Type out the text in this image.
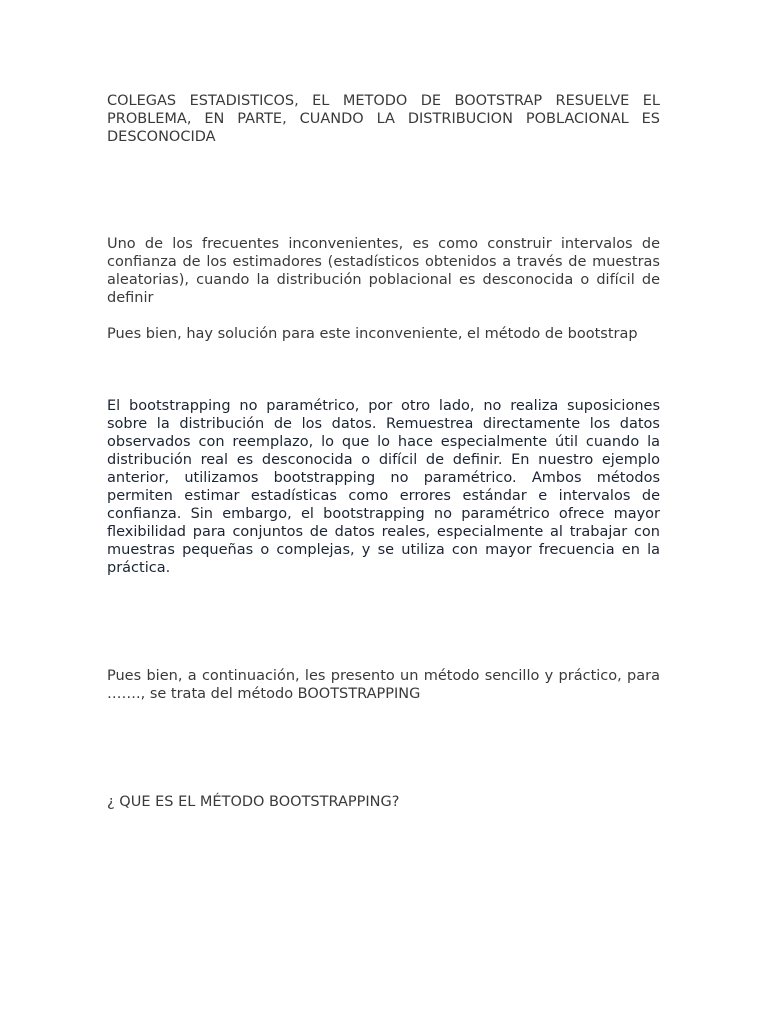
COLEGAS ESTADISTICOS, EL METODO DE BOOTSTRAP RESUELVE EL PROBLEMA, EN PARTE, CUANDO LA DISTRIBUCION POBLACIONAL ES DESCONOCIDA

Uno de los frecuentes inconvenientes, es como construir intervalos de confianza de los estimadores (estadísticos obtenidos a través de muestras aleatorias), cuando la distribución poblacional es desconocida o difícil de definir

Pues bien, hay solución para este inconveniente, el método de bootstrap

El bootstrapping no paramétrico, por otro lado, no realiza suposiciones sobre la distribución de los datos. Remuestrea directamente los datos observados con reemplazo, lo que lo hace especialmente útil cuando la distribución real es desconocida o difícil de definir. En nuestro ejemplo anterior, utilizamos bootstrapping no paramétrico. Ambos métodos permiten estimar estadísticas como errores estándar e intervalos de confianza. Sin embargo, el bootstrapping no paramétrico ofrece mayor flexibilidad para conjuntos de datos reales, especialmente al trabajar con muestras pequeñas o complejas, y se utiliza con mayor frecuencia en la práctica.

Pues bien, a continuación, les presento un método sencillo y práctico, para ……., se trata del método BOOTSTRAPPING

¿ QUE ES EL MÉTODO BOOTSTRAPPING?
